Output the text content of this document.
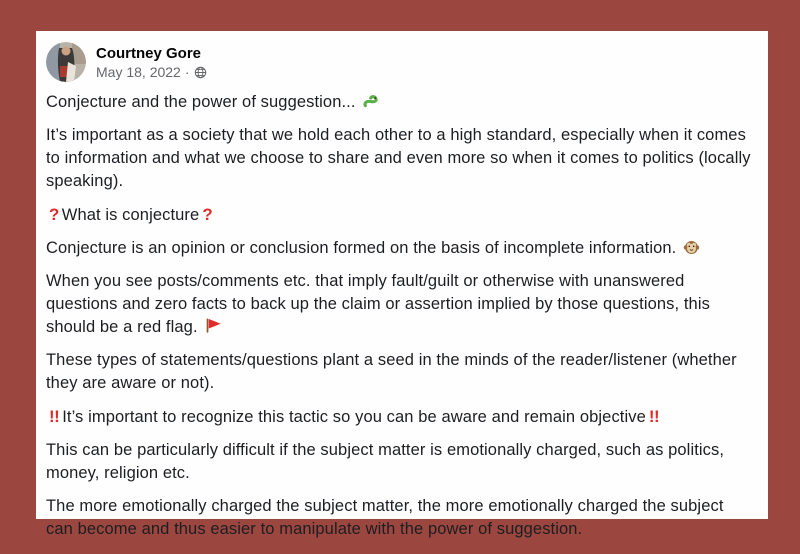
Courtney Gore
May 18, 2022 ·

Conjecture and the power of suggestion...

It’s important as a society that we hold each other to a high standard, especially when it comes to information and what we choose to share and even more so when it comes to politics (locally speaking).

? What is conjecture ?

Conjecture is an opinion or conclusion formed on the basis of incomplete information.

When you see posts/comments etc. that imply fault/guilt or otherwise with unanswered questions and zero facts to back up the claim or assertion implied by those questions, this should be a red flag.

These types of statements/questions plant a seed in the minds of the reader/listener (whether they are aware or not).

!! It’s important to recognize this tactic so you can be aware and remain objective !!

This can be particularly difficult if the subject matter is emotionally charged, such as politics, money, religion etc.

The more emotionally charged the subject matter, the more emotionally charged the subject can become and thus easier to manipulate with the power of suggestion.
